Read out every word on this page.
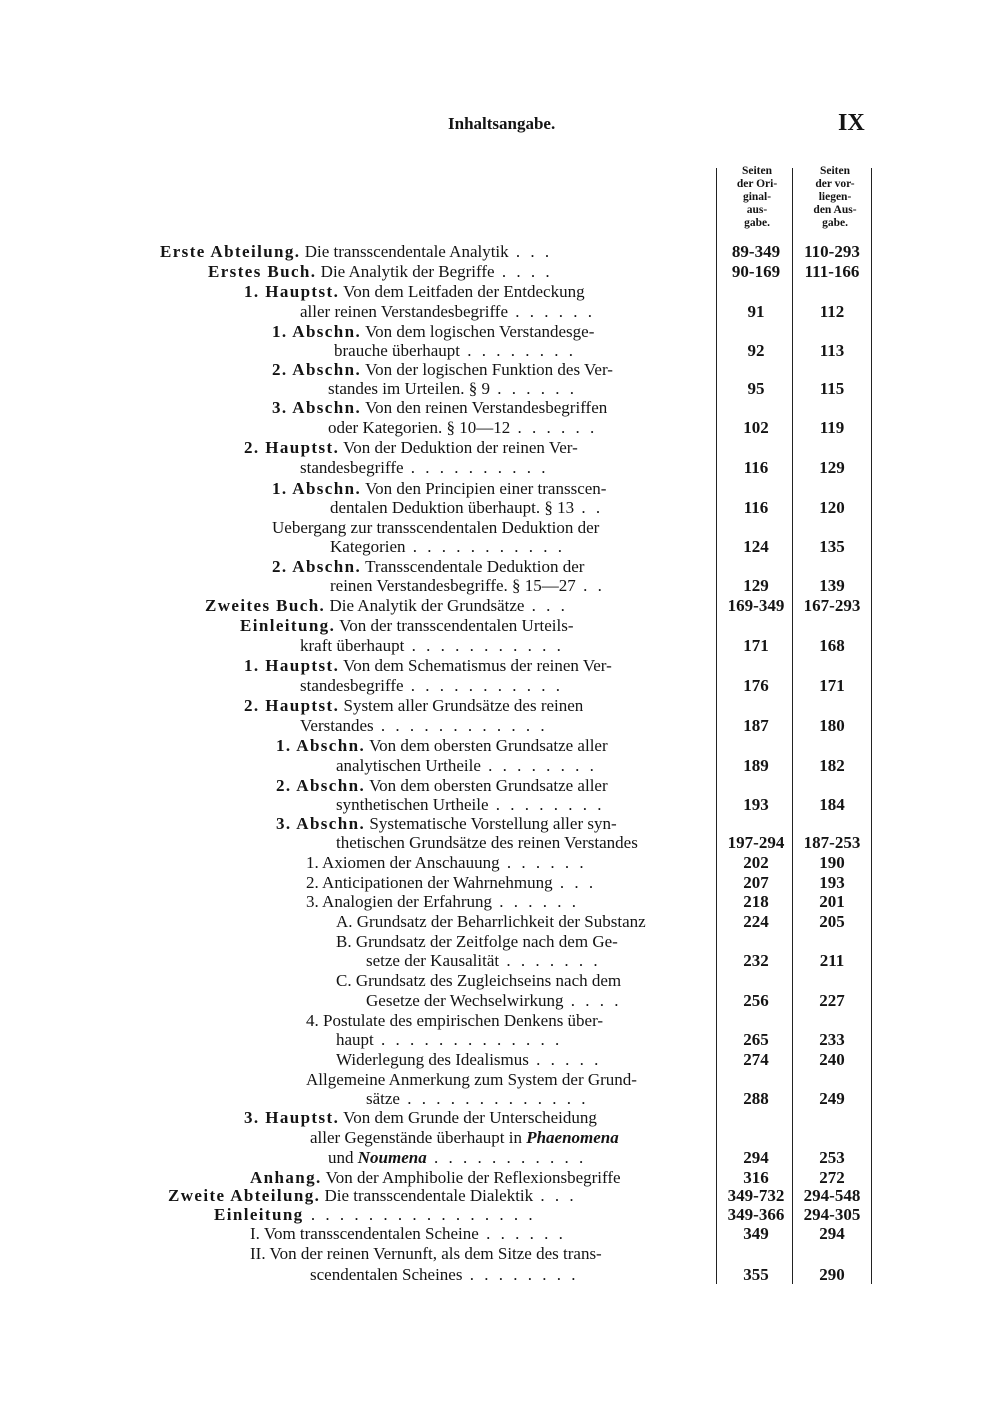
Inhaltsangabe.	IX
Seiten
der Ori-
ginal-
aus-
gabe.
Seiten
der vor-
liegen-
den Aus-
gabe.
Erste Abteilung. Die transscendentale Analytik . . .	89-349	110-293
Erstes Buch. Die Analytik der Begriffe . . . .	90-169	111-166
1. Hauptst. Von dem Leitfaden der Entdeckung
aller reinen Verstandesbegriffe . . . . . .	91	112
1. Abschn. Von dem logischen Verstandesge-
brauche überhaupt . . . . . . . .	92	113
2. Abschn. Von der logischen Funktion des Ver-
standes im Urteilen. § 9 . . . . . .	95	115
3. Abschn. Von den reinen Verstandesbegriffen
oder Kategorien. § 10—12 . . . . . .	102	119
2. Hauptst. Von der Deduktion der reinen Ver-
standesbegriffe . . . . . . . . . .	116	129
1. Abschn. Von den Principien einer transscen-
dentalen Deduktion überhaupt. § 13 . .	116	120
Uebergang zur transscendentalen Deduktion der
Kategorien . . . . . . . . . . .	124	135
2. Abschn. Transscendentale Deduktion der
reinen Verstandesbegriffe. § 15—27 . .	129	139
Zweites Buch. Die Analytik der Grundsätze . . .	169-349	167-293
Einleitung. Von der transscendentalen Urteils-
kraft überhaupt . . . . . . . . . . .	171	168
1. Hauptst. Von dem Schematismus der reinen Ver-
standesbegriffe . . . . . . . . . . .	176	171
2. Hauptst. System aller Grundsätze des reinen
Verstandes . . . . . . . . . . . .	187	180
1. Abschn. Von dem obersten Grundsatze aller
analytischen Urtheile . . . . . . . .	189	182
2. Abschn. Von dem obersten Grundsatze aller
synthetischen Urtheile . . . . . . . .	193	184
3. Abschn. Systematische Vorstellung aller syn-
thetischen Grundsätze des reinen Verstandes	197-294	187-253
1. Axiomen der Anschauung . . . . . .	202	190
2. Anticipationen der Wahrnehmung . . .	207	193
3. Analogien der Erfahrung . . . . . .	218	201
A. Grundsatz der Beharrlichkeit der Substanz	224	205
B. Grundsatz der Zeitfolge nach dem Ge-
setze der Kausalität . . . . . . .	232	211
C. Grundsatz des Zugleichseins nach dem
Gesetze der Wechselwirkung . . . .	256	227
4. Postulate des empirischen Denkens über-
haupt . . . . . . . . . . . . .	265	233
Widerlegung des Idealismus . . . . .	274	240
Allgemeine Anmerkung zum System der Grund-
sätze . . . . . . . . . . . . .	288	249
3. Hauptst. Von dem Grunde der Unterscheidung
aller Gegenstände überhaupt in Phaenomena
und Noumena . . . . . . . . . . .	294	253
Anhang. Von der Amphibolie der Reflexionsbegriffe	316	272
Zweite Abteilung. Die transscendentale Dialektik . . .	349-732	294-548
Einleitung . . . . . . . . . . . . . . . .	349-366	294-305
I. Vom transscendentalen Scheine . . . . . .	349	294
II. Von der reinen Vernunft, als dem Sitze des trans-
scendentalen Scheines . . . . . . . .	355	290
